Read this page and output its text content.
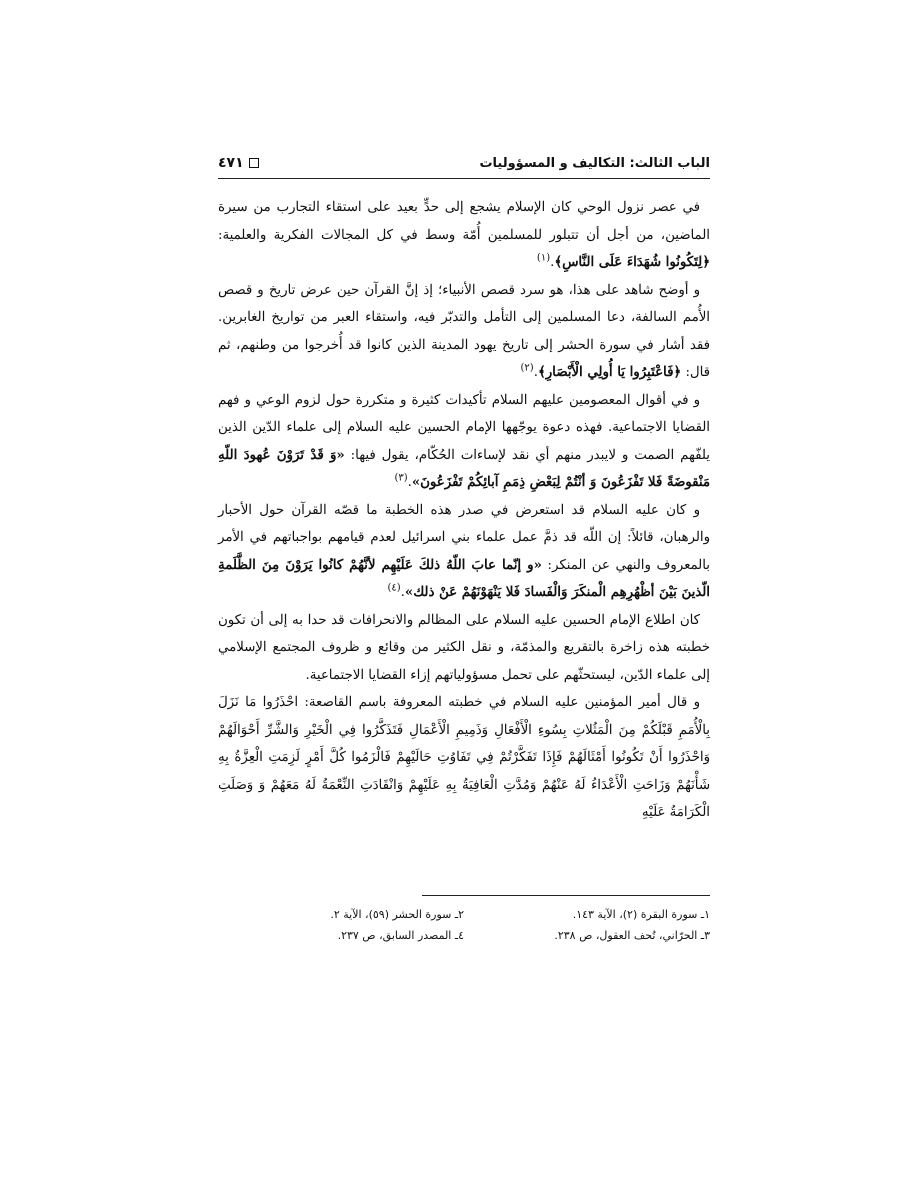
الباب الثالث: التكاليف و المسؤوليات
٤٧١

في عصر نزول الوحي كان الإسلام يشجع إلى حدٍّ بعيد على استقاء التجارب من سيرة الماضين، من أجل أن تتبلور للمسلمين أُمّة وسط في كل المجالات الفكرية والعلمية: ﴿لِتَكُونُوا شُهَدَاءَ عَلَى النَّاسِ﴾.$^{(١)}$

و أوضح شاهد على هذا، هو سرد قصص الأنبياء؛ إذ إنَّ القرآن حين عرض تاريخ و قصص الأُمم السالفة، دعا المسلمين إلى التأمل والتدبّر فيه، واستقاء العبر من تواريخ الغابرين. فقد أشار في سورة الحشر إلى تاريخ يهود المدينة الذين كانوا قد أُخرجوا من وطنهم، ثم قال: ﴿فَاعْتَبِرُوا يَا أُولِي الْأَبْصَارِ﴾.$^{(٢)}$

و في أقوال المعصومين عليهم السلام تأكيدات كثيرة و متكررة حول لزوم الوعي و فهم القضايا الاجتماعية. فهذه دعوة يوجّهها الإمام الحسين عليه السلام إلى علماء الدّين الذين يلفّهم الصمت و لايبدر منهم أي نقد لإساءات الحُكّام، يقول فيها: «وَ قَدْ تَرَوْنَ عُهودَ اللّهِ مَنْقوضَةً فَلا تَفْزَعُونَ وَ أنْتُمْ لِبَعْضِ ذِمَمِ آبائِكُمْ تَفْزَعُونَ».$^{(٣)}$

و كان عليه السلام قد استعرض في صدر هذه الخطبة ما قصّه القرآن حول الأحبار والرهبان، قائلاً: إن اللّه قد ذمَّ عمل علماء بني اسرائيل لعدم قيامهم بواجباتهم في الأمر بالمعروف والنهي عن المنكر: «و إنّما عابَ اللّهُ ذلكَ عَلَيْهِم لأنَّهُمْ كانُوا يَرَوْنَ مِنَ الظَّلَمةِ الّذينَ بَيْنَ أظْهُرِهِم الْمنكَرَ وَالْفَسادَ فَلا يَنْهَوْنَهُمْ عَنْ ذلك».$^{(٤)}$

كان اطلاع الإمام الحسين عليه السلام على المظالم والانحرافات قد حدا به إلى أن تكون خطبته هذه زاخرة بالتقريع والمذمّة، و نقل الكثير من وقائع و ظروف المجتمع الإسلامي إلى علماء الدّين، ليستحثّهم على تحمل مسؤولياتهم إزاء القضايا الاجتماعية.

و قال أمير المؤمنين عليه السلام في خطبته المعروفة باسم القاصعة: احْذَرُوا مَا نَزَلَ بِالْأُمَمِ قَبْلَكُمْ مِنَ الْمَثُلاتِ بِسُوءِ الْأَفْعَالِ وَذَمِيمِ الْأَعْمَالِ فَتَذَكَّرُوا فِي الْخَيْرِ وَالشَّرِّ أَحْوَالَهُمْ وَاحْذَرُوا أَنْ تَكُونُوا أَمْثَالَهُمْ فَإِذَا تَفَكَّرْتُمْ فِي تَفَاوُتِ حَالَيْهِمْ فَالْزَمُوا كُلَّ أَمْرٍ لَزِمَتِ الْعِزَّةُ بِهِ شَأْنَهُمْ وَزَاحَتِ الْأَعْدَاءُ لَهُ عَنْهُمْ وَمُدَّتِ الْعَافِيَةُ بِهِ عَلَيْهِمْ وَانْقَادَتِ النِّعْمَةُ لَهُ مَعَهُمْ وَ وَصَلَتِ الْكَرَامَةُ عَلَيْهِ

١ـ سورة البقرة (٢)، الآية ١٤٣.
٢ـ سورة الحشر (٥٩)، الآية ٢.
٣ـ الحرّاني، تُحف العقول، ص ٢٣٨.
٤ـ المصدر السابق، ص ٢٣٧.
